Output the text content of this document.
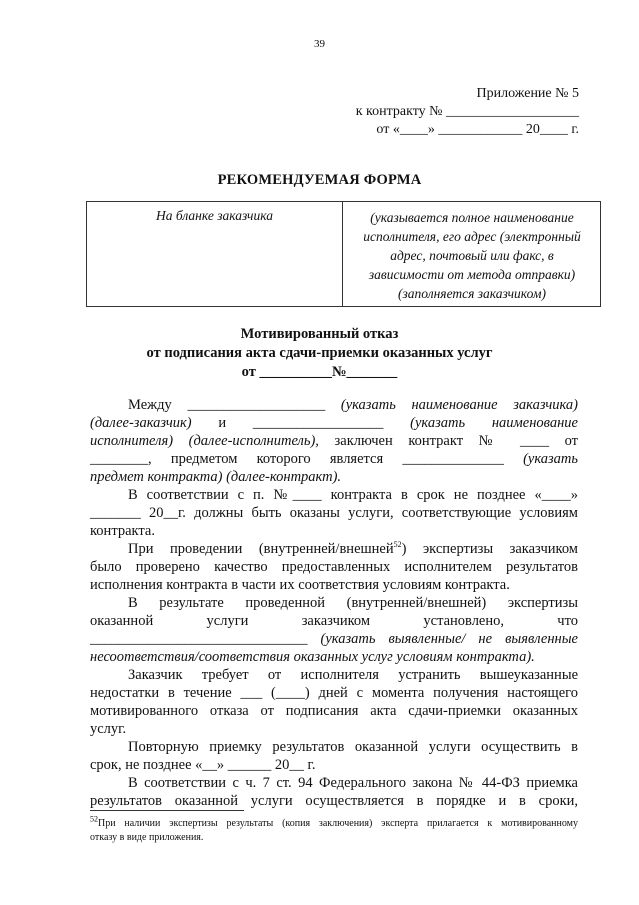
39
Приложение № 5
к контракту № ___________________
от «____» ____________ 20____ г.
РЕКОМЕНДУЕМАЯ ФОРМА
На бланке заказчика	(указывается полное наименование
исполнителя, его адрес (электронный
адрес, почтовый или факс, в
зависимости от метода отправки)
(заполняется заказчиком)
Мотивированный отказ
от подписания акта сдачи-приемки оказанных услуг
от __________№_______
Между ___________________ (указать наименование заказчика)
(далее-заказчик) и __________________ (указать наименование
исполнителя) (далее-исполнитель), заключен контракт № ____ от
________, предметом которого является ______________ (указать
предмет контракта) (далее-контракт).
В соответствии с п. №____ контракта в срок не позднее «____»
_______ 20__г. должны быть оказаны услуги, соответствующие условиям
контракта.
При проведении (внутренней/внешней$^{52}$) экспертизы заказчиком
было проверено качество предоставленных исполнителем результатов
исполнения контракта в части их соответствия условиям контракта.
В результате проведенной (внутренней/внешней) экспертизы
оказанной услуги заказчиком установлено, что
______________________________ (указать выявленные/ не выявленные
несоответствия/соответствия оказанных услуг условиям контракта).
Заказчик требует от исполнителя устранить вышеуказанные
недостатки в течение ___ (____) дней с момента получения настоящего
мотивированного отказа от подписания акта сдачи-приемки оказанных
услуг.
Повторную приемку результатов оказанной услуги осуществить в
срок, не позднее «__» ______ 20__ г.
В соответствии с ч. 7 ст. 94 Федерального закона № 44-ФЗ приемка
результатов оказанной услуги осуществляется в порядке и в сроки,
$^{52}$При наличии экспертизы результаты (копия заключения) эксперта прилагается к мотивированному
отказу в виде приложения.
